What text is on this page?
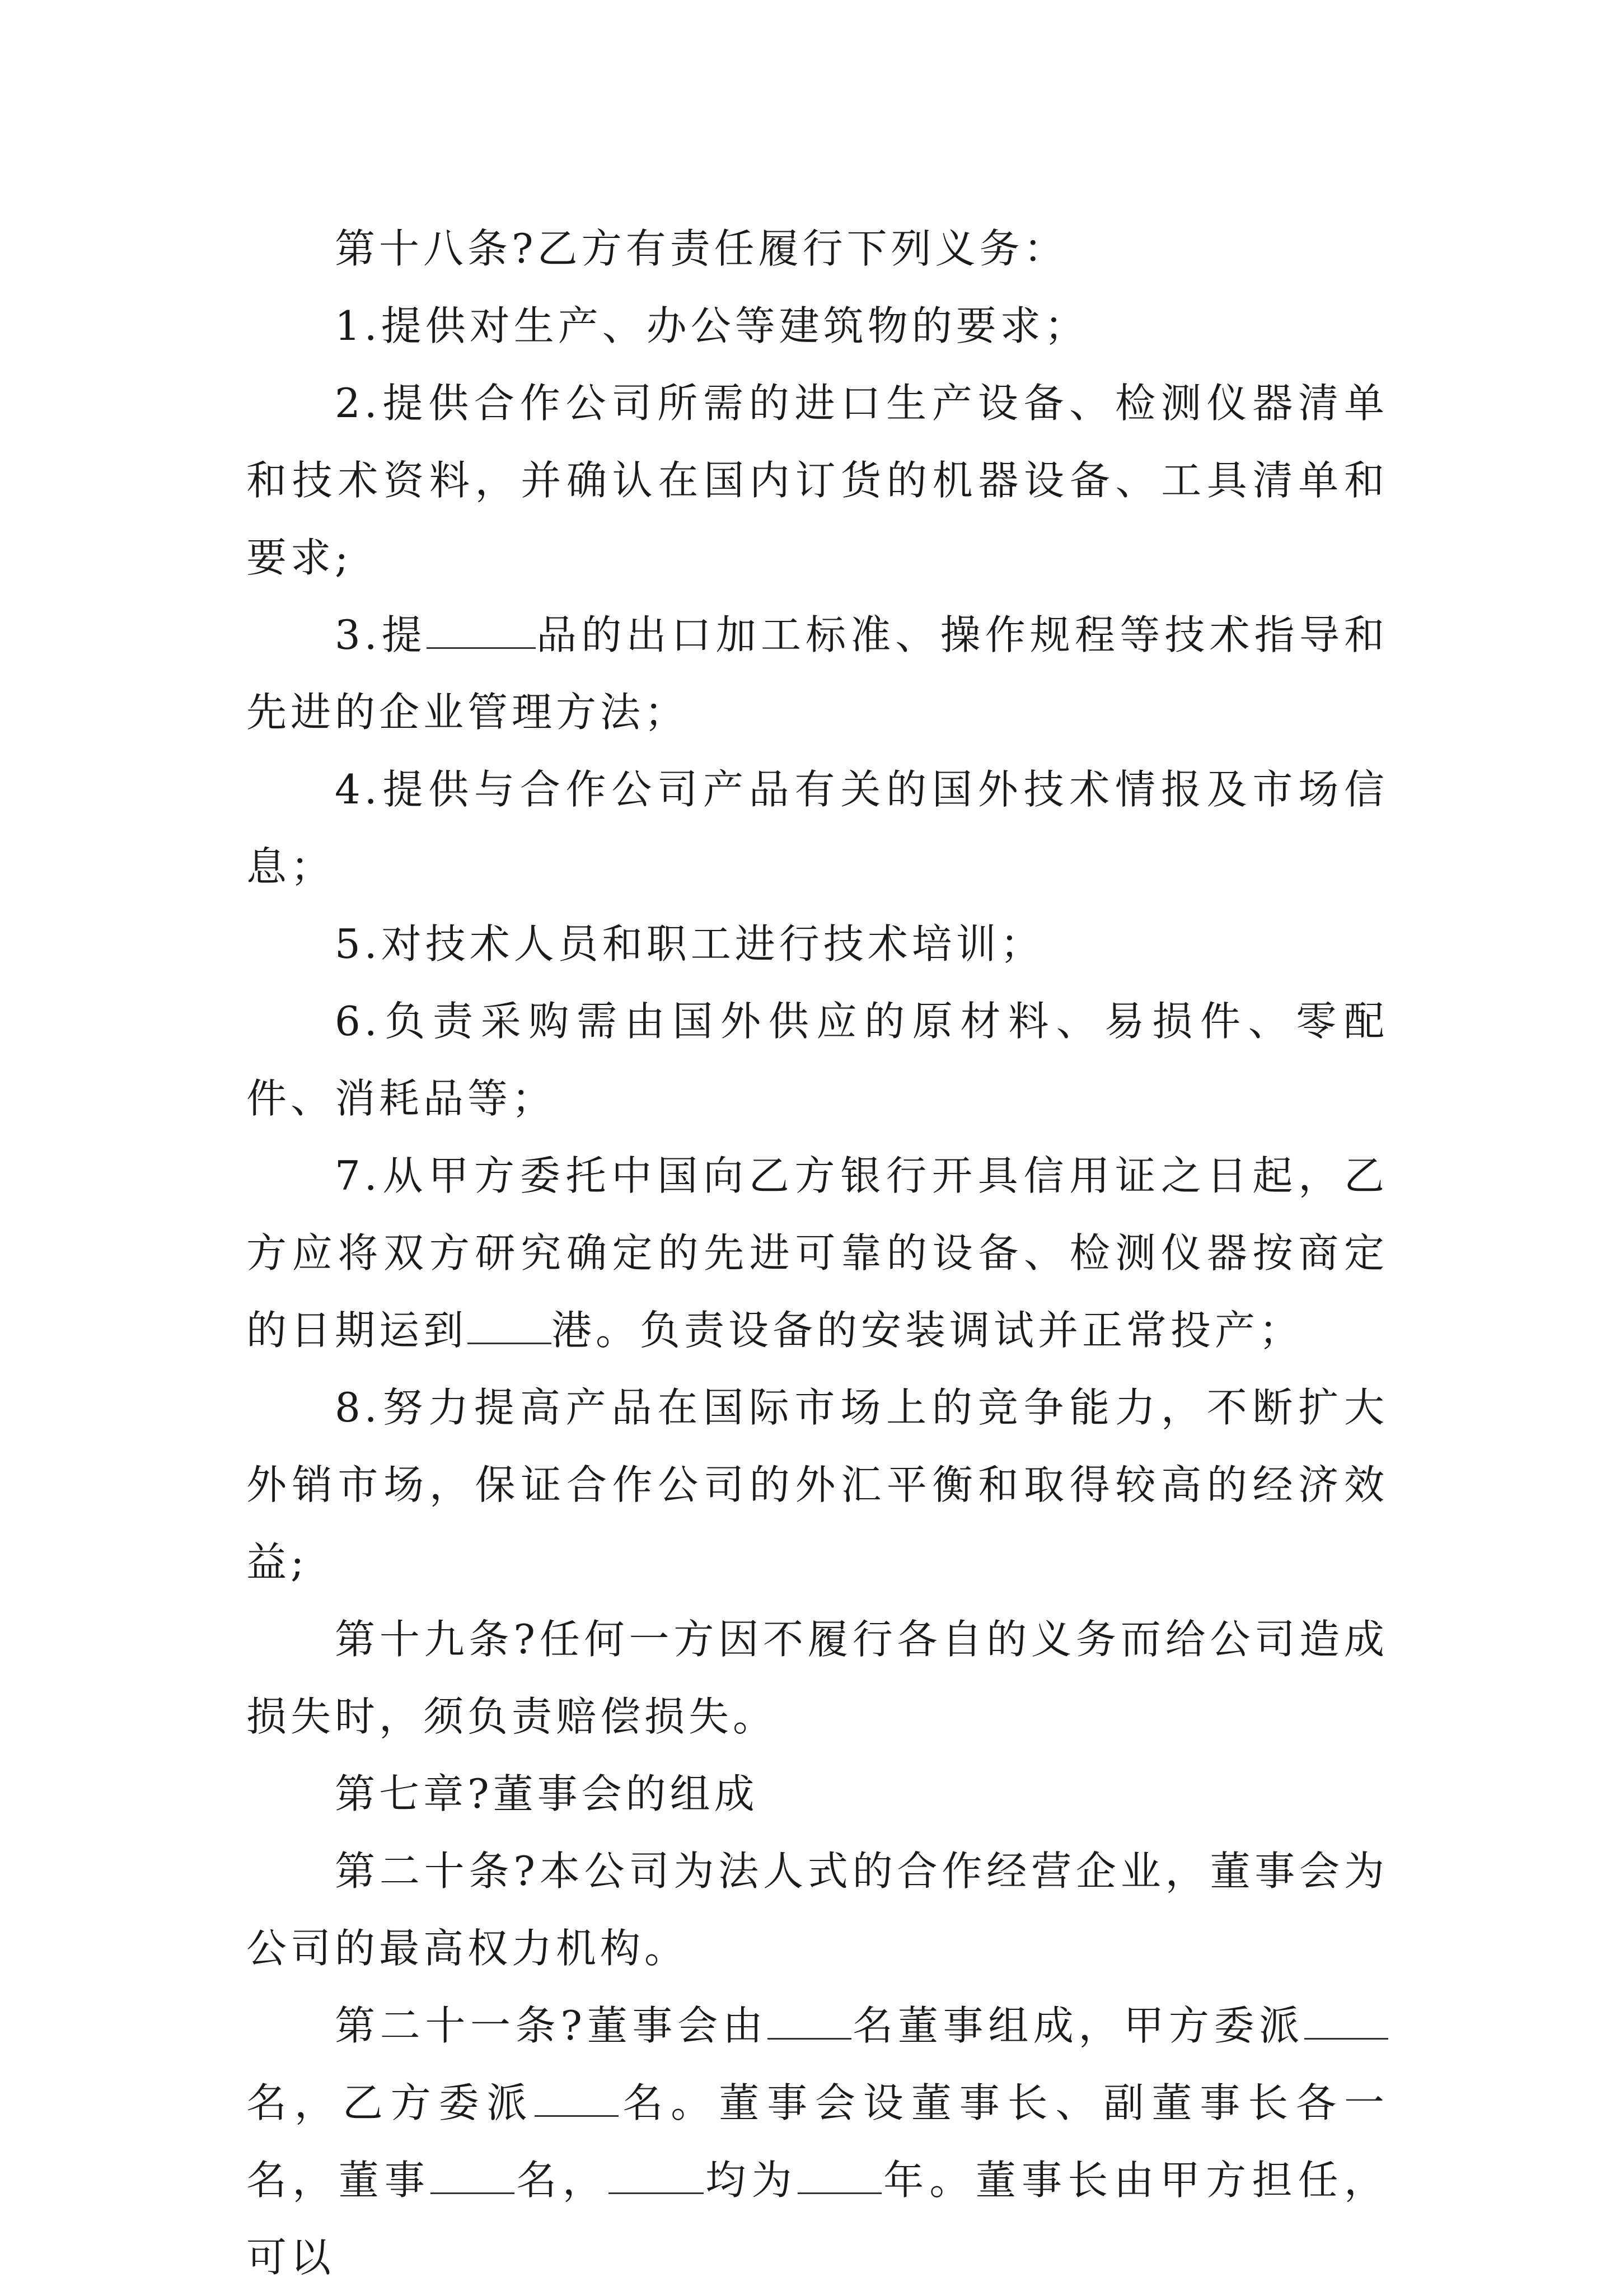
第十八条?乙方有责任履行下列义务：

1.提供对生产、办公等建筑物的要求；

2.提供合作公司所需的进口生产设备、检测仪器清单和技术资料，并确认在国内订货的机器设备、工具清单和要求;

3.提	品的出口加工标准、操作规程等技术指导和先进的企业管理方法；

4.提供与合作公司产品有关的国外技术情报及市场信息；

5.对技术人员和职工进行技术培训；

6.负责采购需由国外供应的原材料、易损件、零配件、消耗品等；

7.从甲方委托中国向乙方银行开具信用证之日起，乙方应将双方研究确定的先进可靠的设备、检测仪器按商定的日期运到 港。负责设备的安装调试并正常投产；

8.努力提高产品在国际市场上的竞争能力，不断扩大外销市场，保证合作公司的外汇平衡和取得较高的经济效益;

第十九条?任何一方因不履行各自的义务而给公司造成损失时，须负责赔偿损失。

第七章?董事会的组成

第二十条?本公司为法人式的合作经营企业，董事会为公司的最高权力机构。

第二十一条?董事会由 名董事组成，甲方委派名，乙方委派 名。董事会设董事长、副董事长各一名，董事 名， 均为 年。董事长由甲方担任，可以
